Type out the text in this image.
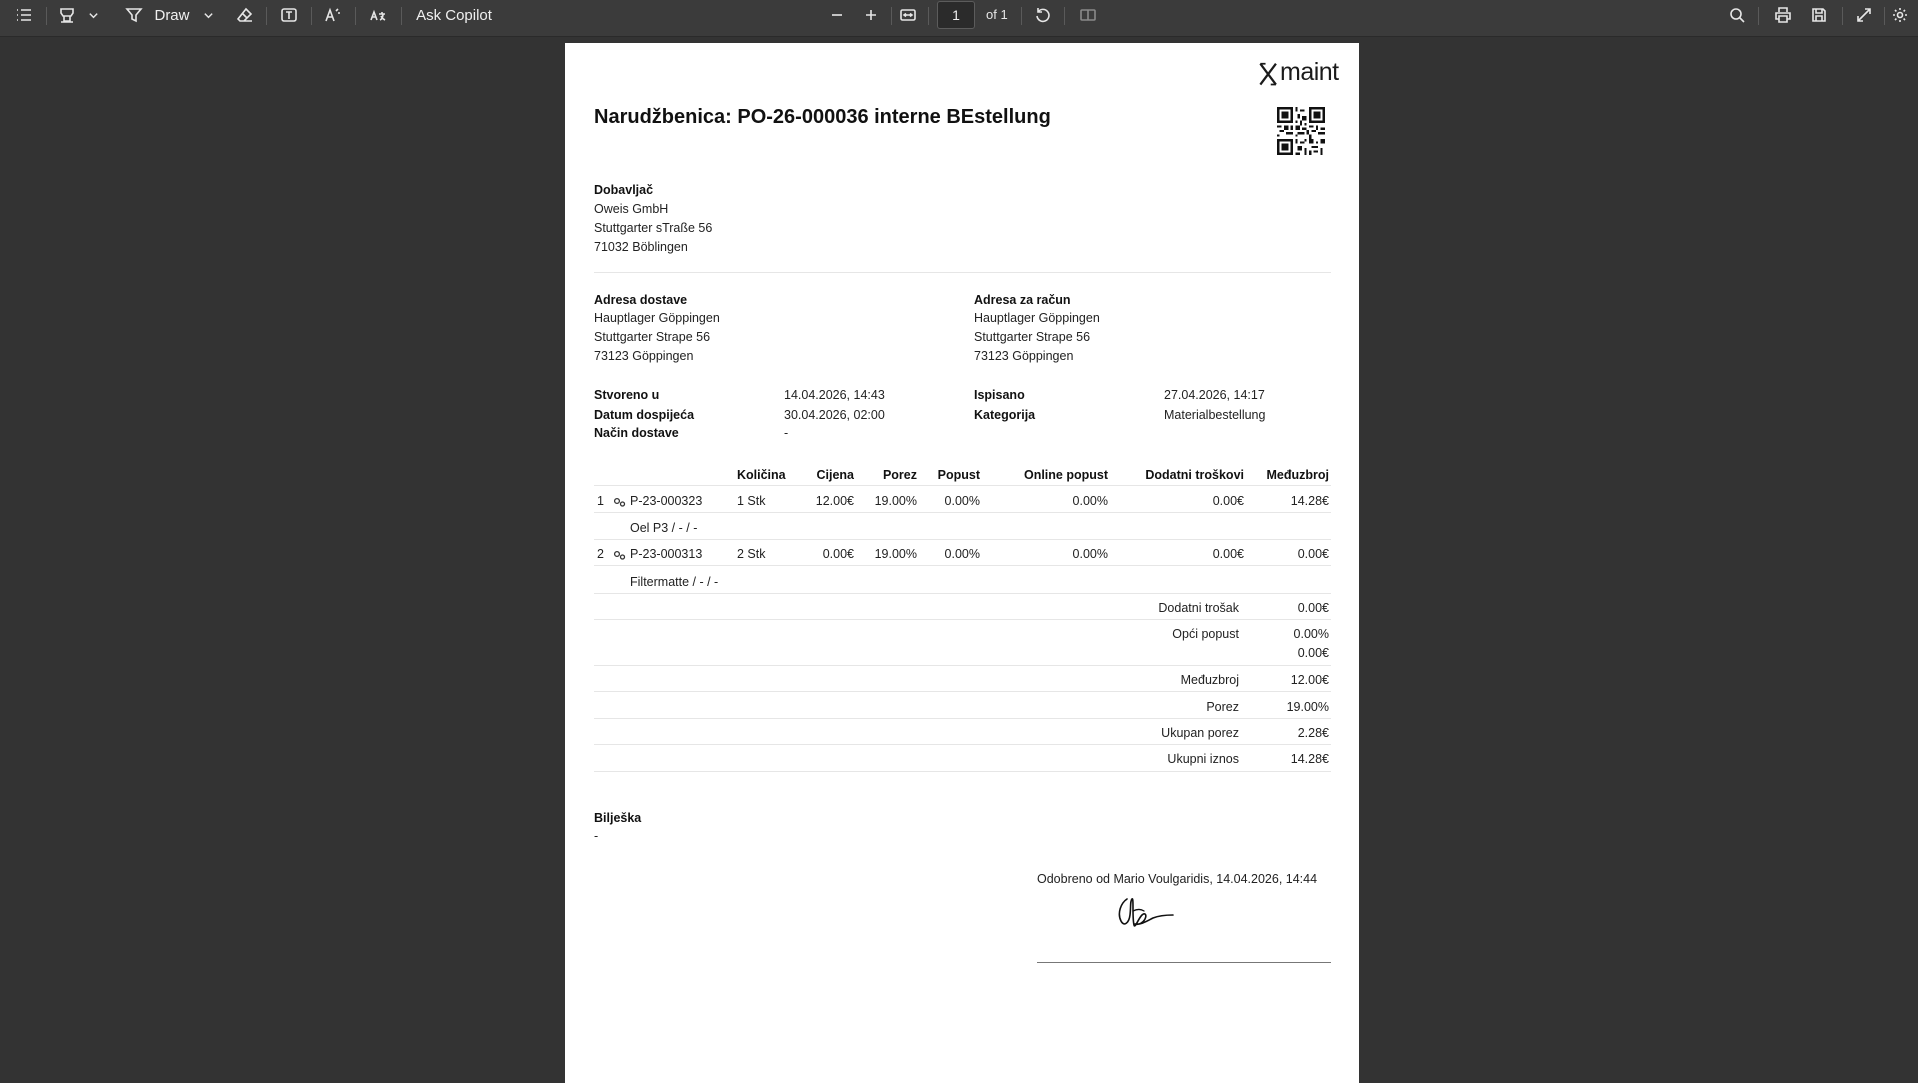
Draw	Ask Copilot
1	of 1
maint
Narudžbenica: PO-26-000036 interne BEstellung
Dobavljač
Oweis GmbH
Stuttgarter sTraße 56
71032 Böblingen
Adresa dostave
Hauptlager Göppingen
Stuttgarter Strape 56
73123 Göppingen
Adresa za račun
Hauptlager Göppingen
Stuttgarter Strape 56
73123 Göppingen
Stvoreno u	14.04.2026, 14:43
Datum dospijeća	30.04.2026, 02:00
Način dostave	-
Ispisano	27.04.2026, 14:17
Kategorija	Materialbestellung
Količina	Cijena	Porez	Popust	Online popust	Dodatni troškovi	Međuzbroj
1 P-23-000323	1 Stk	12.00€	19.00%	0.00%	0.00%	0.00€	14.28€
Oel P3 / - / -
2 P-23-000313	2 Stk	0.00€	19.00%	0.00%	0.00%	0.00€	0.00€
Filtermatte / - / -
Dodatni trošak	0.00€
Opći popust	0.00%
0.00€
Međuzbroj	12.00€
Porez	19.00%
Ukupan porez	2.28€
Ukupni iznos	14.28€
Bilješka
-
Odobreno od Mario Voulgaridis, 14.04.2026, 14:44
